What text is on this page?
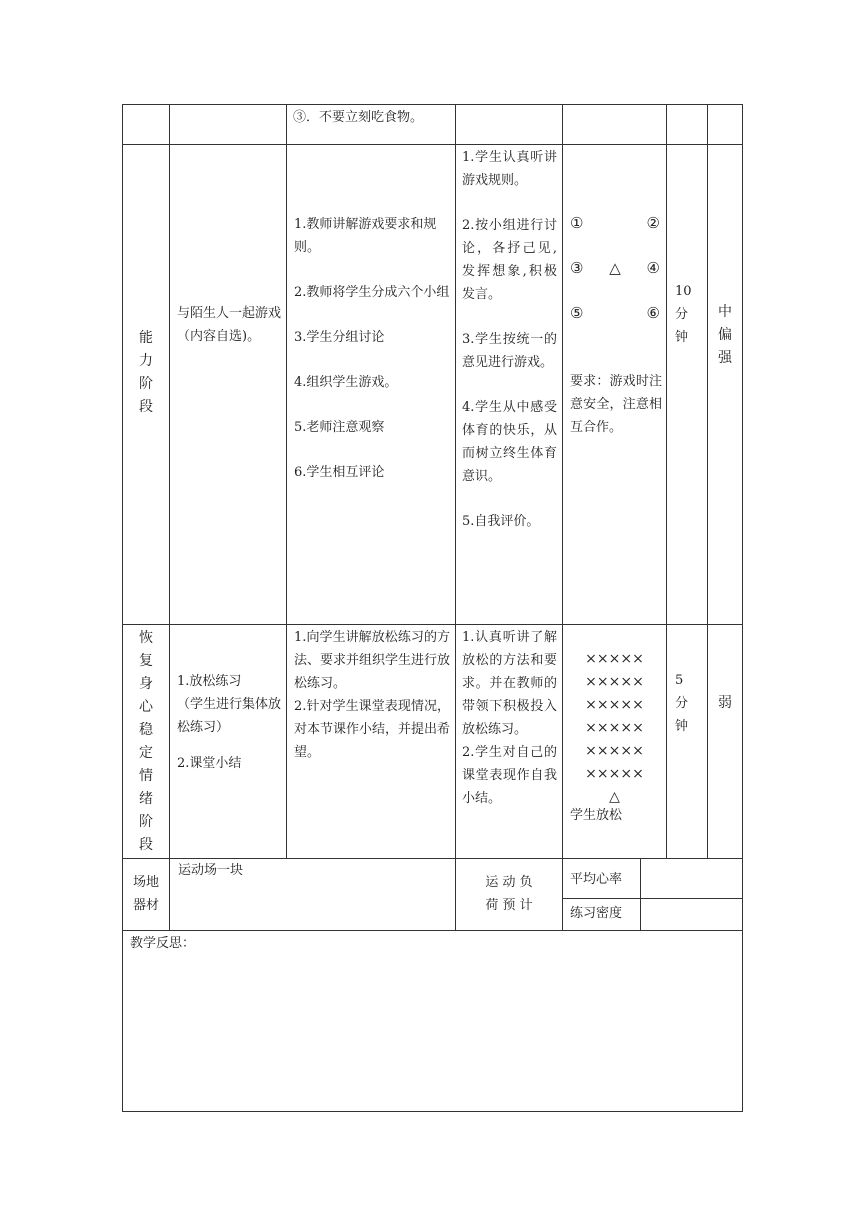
③．不要立刻吃食物。

能

力

阶

段

与陌生人一起游戏（内容自选)。

1.教师讲解游戏要求和规则。

2.教师将学生分成六个小组

3.学生分组讨论

4.组织学生游戏。

5.老师注意观察

6.学生相互评论

1.学生认真听讲游戏规则。

2.按小组进行讨论，各抒己见,发挥想象,积极发言。

3.学生按统一的意见进行游戏。

4.学生从中感受体育的快乐，从而树立终生体育意识。

5.自我评价。

①	②
③ △ ④
⑤	⑥

要求：游戏时注意安全，注意相互合作。

10

分

钟

中

偏

强

恢

复

身

心

稳

定

情

绪

阶

段

1.放松练习

（学生进行集体放松练习）

2.课堂小结

1.向学生讲解放松练习的方法、要求并组织学生进行放松练习。

2.针对学生课堂表现情况，对本节课作小结，并提出希望。

1.认真听讲了解放松的方法和要求。并在教师的带领下积极投入放松练习。

2.学生对自己的课堂表现作自我小结。

×××××

×××××

×××××

×××××

×××××

×××××

△

学生放松

5

分

钟

弱

场地

器材

运动场一块

运 动 负

荷 预 计

平均心率

练习密度

教学反思：
